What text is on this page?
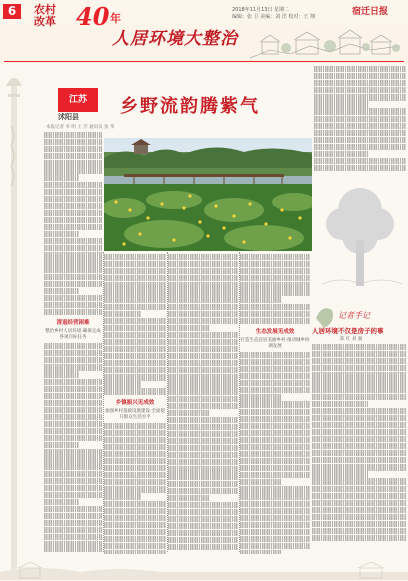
6	农村
改革 40 年
人居环境大整治
2018年11月13日 星期二
编辑：张 卫 美编：刘 洋 校对：王 翔	宿迁日报
江苏
沭阳县 乡野流韵腾紫气
本报记者 李 明 王 芳 通讯员 张 华
清退经营困难
整治乡村人居环境·确保完成各项目标任务
乡镇振兴见成效
加强乡村基础设施建设·全面提升群众生活水平
生态发展见成效
打造生态宜居美丽乡村·推动城乡协调发展
记者手记
人居环境不仅是房子的事
陈 红 刘 强
